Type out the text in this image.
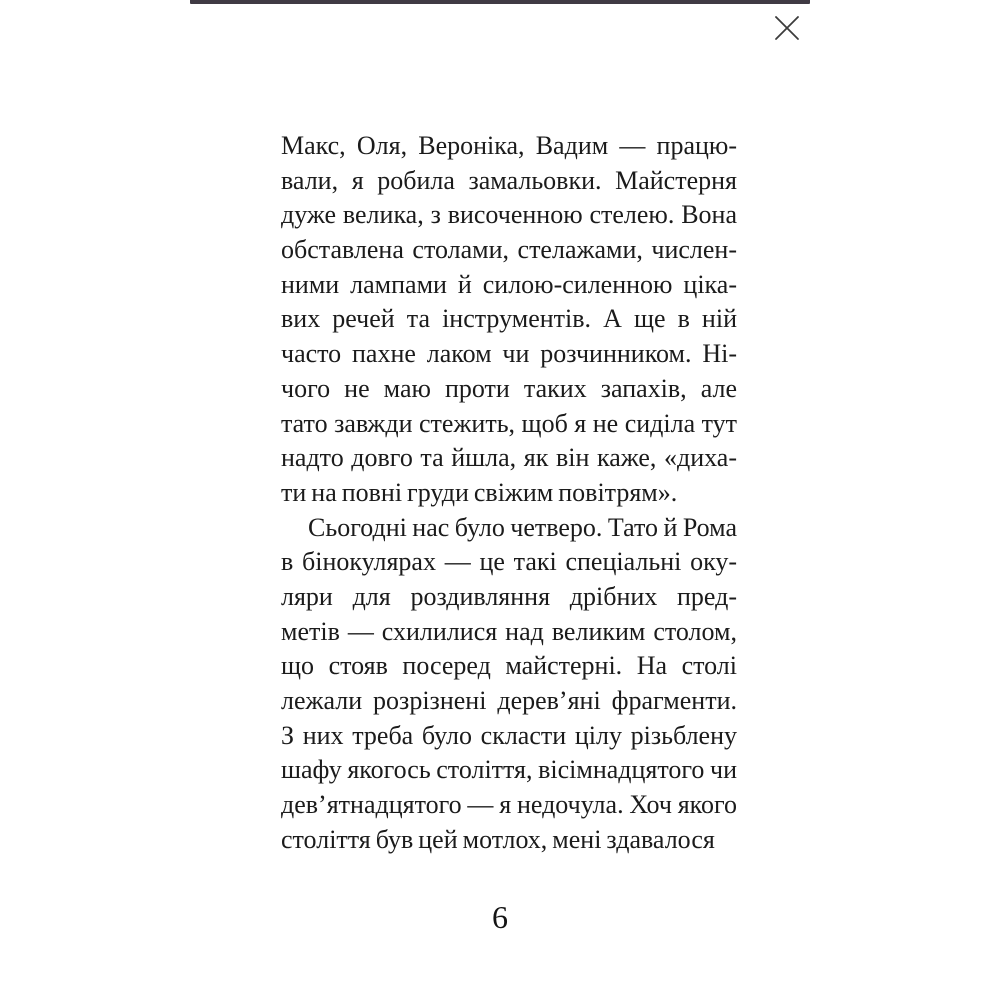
Макс, Оля, Вероніка, Вадим — працю-
вали, я робила замальовки. Майстерня
дуже велика, з височенною стелею. Вона
обставлена столами, стелажами, числен-
ними лампами й силою-силенною ціка-
вих речей та інструментів. А ще в ній
часто пахне лаком чи розчинником. Ні-
чого не маю проти таких запахів, але
тато завжди стежить, щоб я не сиділа тут
надто довго та йшла, як він каже, «диха-
ти на повні груди свіжим повітрям».
Сьогодні нас було четверо. Тато й Рома
в бінокулярах — це такі спеціальні оку-
ляри для роздивляння дрібних пред-
метів — схилилися над великим столом,
що стояв посеред майстерні. На столі
лежали розрізнені дерев’яні фрагменти.
З них треба було скласти цілу різьблену
шафу якогось століття, вісімнадцятого чи
дев’ятнадцятого — я недочула. Хоч якого
століття був цей мотлох, мені здавалося
6
